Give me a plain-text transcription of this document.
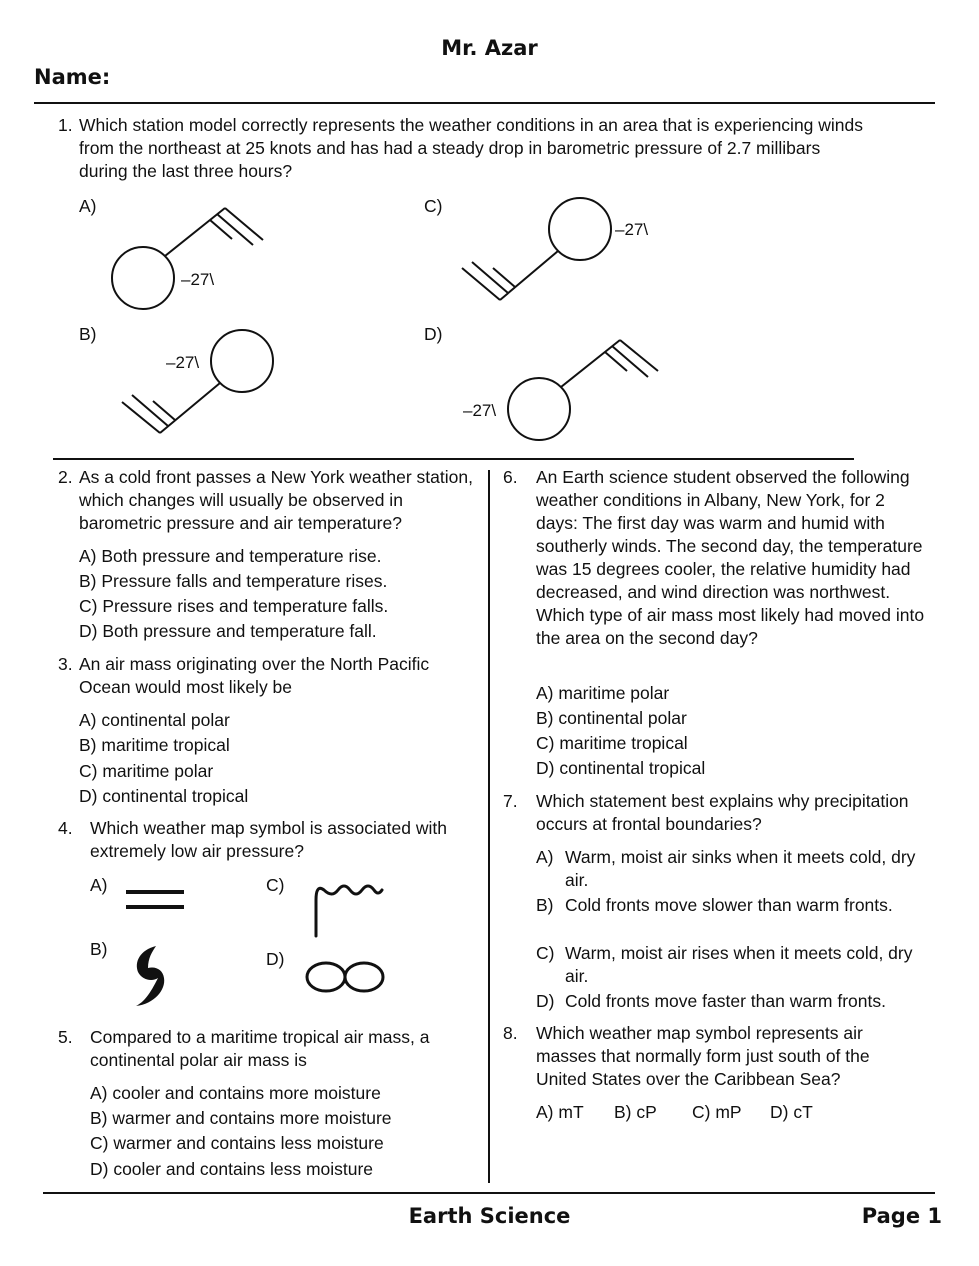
Mr. Azar
Name:
1. Which station model correctly represents the weather conditions in an area that is experiencing winds from the northeast at 25 knots and has had a steady drop in barometric pressure of 2.7 millibars during the last three hours?
A)	C)
B)	D)
–27\
–27\
–27\
–27\
2. As a cold front passes a New York weather station, which changes will usually be observed in barometric pressure and air temperature?
A) Both pressure and temperature rise.
B) Pressure falls and temperature rises.
C) Pressure rises and temperature falls.
D) Both pressure and temperature fall.
3. An air mass originating over the North Pacific Ocean would most likely be
A) continental polar
B) maritime tropical
C) maritime polar
D) continental tropical
4. Which weather map symbol is associated with extremely low air pressure?
A)	C)
B)	D)
5. Compared to a maritime tropical air mass, a continental polar air mass is
A) cooler and contains more moisture
B) warmer and contains more moisture
C) warmer and contains less moisture
D) cooler and contains less moisture
6. An Earth science student observed the following weather conditions in Albany, New York, for 2 days: The first day was warm and humid with southerly winds. The second day, the temperature was 15 degrees cooler, the relative humidity had decreased, and wind direction was northwest. Which type of air mass most likely had moved into the area on the second day?
A) maritime polar
B) continental polar
C) maritime tropical
D) continental tropical
7. Which statement best explains why precipitation occurs at frontal boundaries?
A) Warm, moist air sinks when it meets cold, dry air.
B) Cold fronts move slower than warm fronts.
C) Warm, moist air rises when it meets cold, dry air.
D) Cold fronts move faster than warm fronts.
8. Which weather map symbol represents air masses that normally form just south of the United States over the Caribbean Sea?
A) mT B) cP C) mP D) cT
Earth Science	Page 1
